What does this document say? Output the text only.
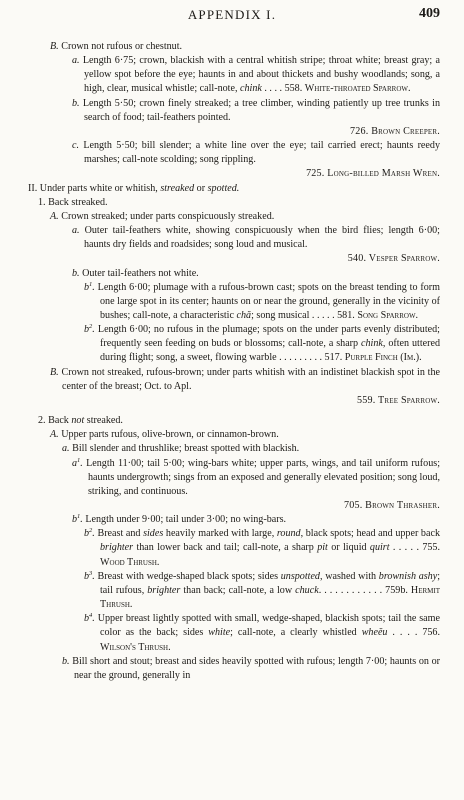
APPENDIX I.	409

B. Crown not rufous or chestnut.

a. Length 6·75; crown, blackish with a central whitish stripe; throat white; breast gray; a yellow spot before the eye; haunts in and about thickets and bushy woodlands; song, a high, clear, musical whistle; call-note, chink . . . . 558. White-throated Sparrow.

b. Length 5·50; crown finely streaked; a tree climber, winding patiently up tree trunks in search of food; tail-feathers pointed.

726. Brown Creeper.

c. Length 5·50; bill slender; a white line over the eye; tail carried erect; haunts reedy marshes; call-note scolding; song rippling.

725. Long-billed Marsh Wren.

II. Under parts white or whitish, streaked or spotted.

1. Back streaked.

A. Crown streaked; under parts conspicuously streaked.

a. Outer tail-feathers white, showing conspicuously when the bird flies; length 6·00; haunts dry fields and roadsides; song loud and musical.

540. Vesper Sparrow.

b. Outer tail-feathers not white.

$b^1$. Length 6·00; plumage with a rufous-brown cast; spots on the breast tending to form one large spot in its center; haunts on or near the ground, generally in the vicinity of bushes; call-note, a characteristic chă; song musical . . . . . 581. Song Sparrow.

$b^2$. Length 6·00; no rufous in the plumage; spots on the under parts evenly distributed; frequently seen feeding on buds or blossoms; call-note, a sharp chink, often uttered during flight; song, a sweet, flowing warble . . . . . . . . . 517. Purple Finch (Im.).

B. Crown not streaked, rufous-brown; under parts whitish with an indistinet blackish spot in the center of the breast; Oct. to Apl.

559. Tree Sparrow.

2. Back not streaked.

A. Upper parts rufous, olive-brown, or cinnamon-brown.

a. Bill slender and thrushlike; breast spotted with blackish.

$a^1$. Length 11·00; tail 5·00; wing-bars white; upper parts, wings, and tail uniform rufous; haunts undergrowth; sings from an exposed and generally elevated position; song loud, striking, and continuous.

705. Brown Thrasher.

$b^1$. Length under 9·00; tail under 3·00; no wing-bars.

$b^2$. Breast and sides heavily marked with large, round, black spots; head and upper back brighter than lower back and tail; call-note, a sharp pit or liquid quirt . . . . . 755. Wood Thrush.

$b^3$. Breast with wedge-shaped black spots; sides unspotted, washed with brownish ashy; tail rufous, brighter than back; call-note, a low chuck. . . . . . . . . . . . 759b. Hermit Thrush.

$b^4$. Upper breast lightly spotted with small, wedge-shaped, blackish spots; tail the same color as the back; sides white; call-note, a clearly whistled wheĕu . . . . 756. Wilson's Thrush.

b. Bill short and stout; breast and sides heavily spotted with rufous; length 7·00; haunts on or near the ground, generally in
